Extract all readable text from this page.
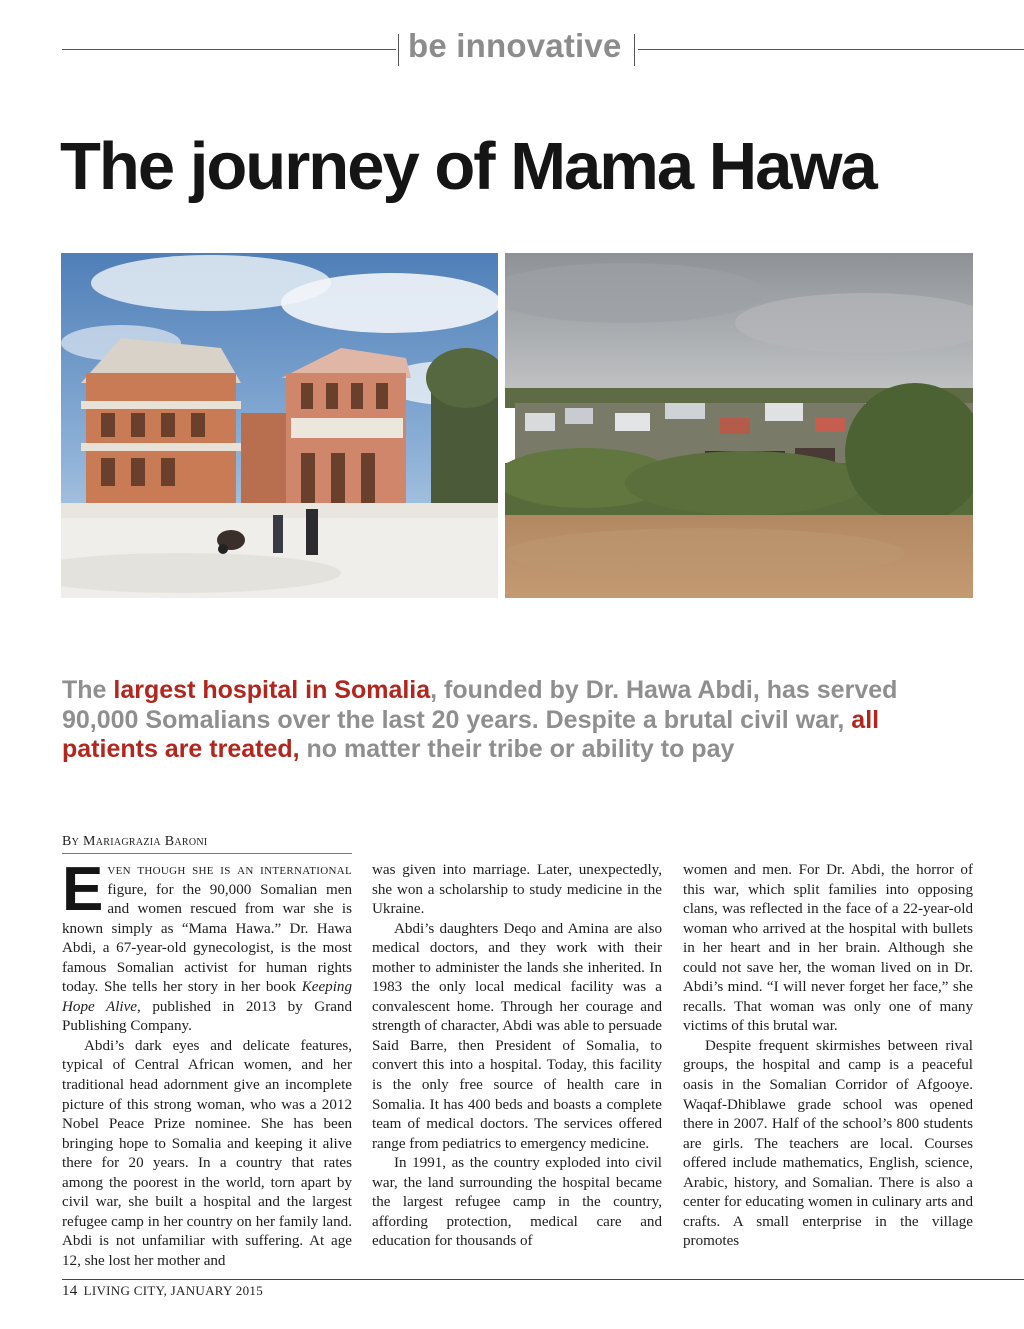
be innovative
The journey of Mama Hawa

The largest hospital in Somalia, founded by Dr. Hawa Abdi, has served 90,000 Somalians over the last 20 years. Despite a brutal civil war, all patients are treated, no matter their tribe or ability to pay

By Mariagrazia Baroni

Even though she is an international figure, for the 90,000 Somalian men and women rescued from war she is known simply as “Mama Hawa.” Dr. Hawa Abdi, a 67-year-old gynecologist, is the most famous Somalian activist for human rights today. She tells her story in her book Keeping Hope Alive, published in 2013 by Grand Publishing Company.

Abdi’s dark eyes and delicate features, typical of Central African women, and her traditional head adornment give an incomplete picture of this strong woman, who was a 2012 Nobel Peace Prize nominee. She has been bringing hope to Somalia and keeping it alive there for 20 years. In a country that rates among the poorest in the world, torn apart by civil war, she built a hospital and the largest refugee camp in her country on her family land. Abdi is not unfamiliar with suffering. At age 12, she lost her mother and

was given into marriage. Later, unexpectedly, she won a scholarship to study medicine in the Ukraine.

Abdi’s daughters Deqo and Amina are also medical doctors, and they work with their mother to administer the lands she inherited. In 1983 the only local medical facility was a convalescent home. Through her courage and strength of character, Abdi was able to persuade Said Barre, then President of Somalia, to convert this into a hospital. Today, this facility is the only free source of health care in Somalia. It has 400 beds and boasts a complete team of medical doctors. The services offered range from pediatrics to emergency medicine.

In 1991, as the country exploded into civil war, the land surrounding the hospital became the largest refugee camp in the country, affording protection, medical care and education for thousands of

women and men. For Dr. Abdi, the horror of this war, which split families into opposing clans, was reflected in the face of a 22-year-old woman who arrived at the hospital with bullets in her heart and in her brain. Although she could not save her, the woman lived on in Dr. Abdi’s mind. “I will never forget her face,” she recalls. That woman was only one of many victims of this brutal war.

Despite frequent skirmishes between rival groups, the hospital and camp is a peaceful oasis in the Somalian Corridor of Afgooye. Waqaf-Dhiblawe grade school was opened there in 2007. Half of the school’s 800 students are girls. The teachers are local. Courses offered include mathematics, English, science, Arabic, history, and Somalian. There is also a center for educating women in culinary arts and crafts. A small enterprise in the village promotes

14 LIVING CITY, JANUARY 2015
